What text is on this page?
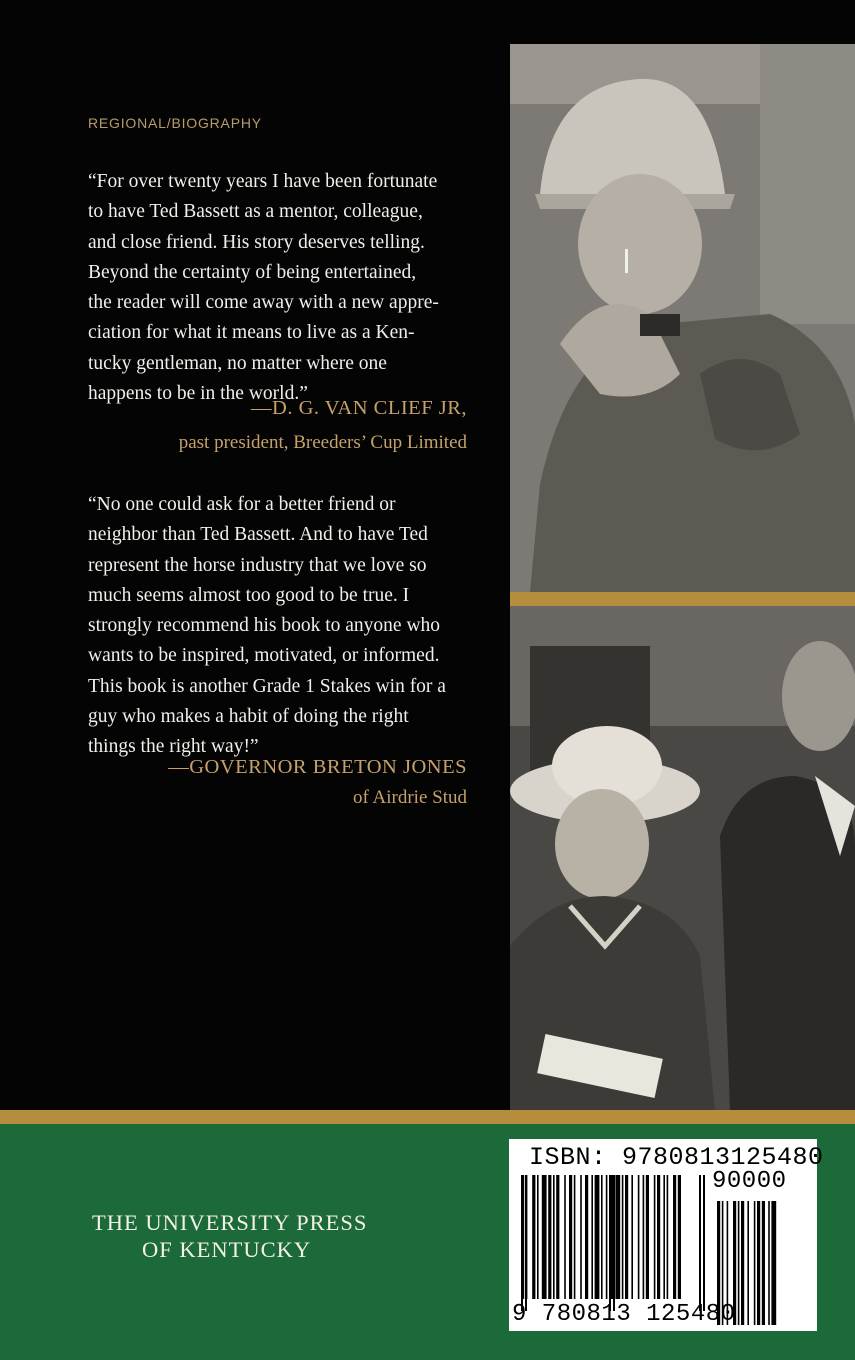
REGIONAL/BIOGRAPHY

“For over twenty years I have been fortunate
to have Ted Bassett as a mentor, colleague,
and close friend. His story deserves telling.
Beyond the certainty of being entertained,
the reader will come away with a new appre-
ciation for what it means to live as a Ken-
tucky gentleman, no matter where one
happens to be in the world.”

—D. G. VAN CLIEF JR,
past president, Breeders’ Cup Limited

“No one could ask for a better friend or
neighbor than Ted Bassett. And to have Ted
represent the horse industry that we love so
much seems almost too good to be true. I
strongly recommend his book to anyone who
wants to be inspired, motivated, or informed.
This book is another Grade 1 Stakes win for a
guy who makes a habit of doing the right
things the right way!”

—GOVERNOR BRETON JONES
of Airdrie Stud
THE UNIVERSITY PRESS
OF KENTUCKY
ISBN: 9780813125480
90000
9 780813 125480
